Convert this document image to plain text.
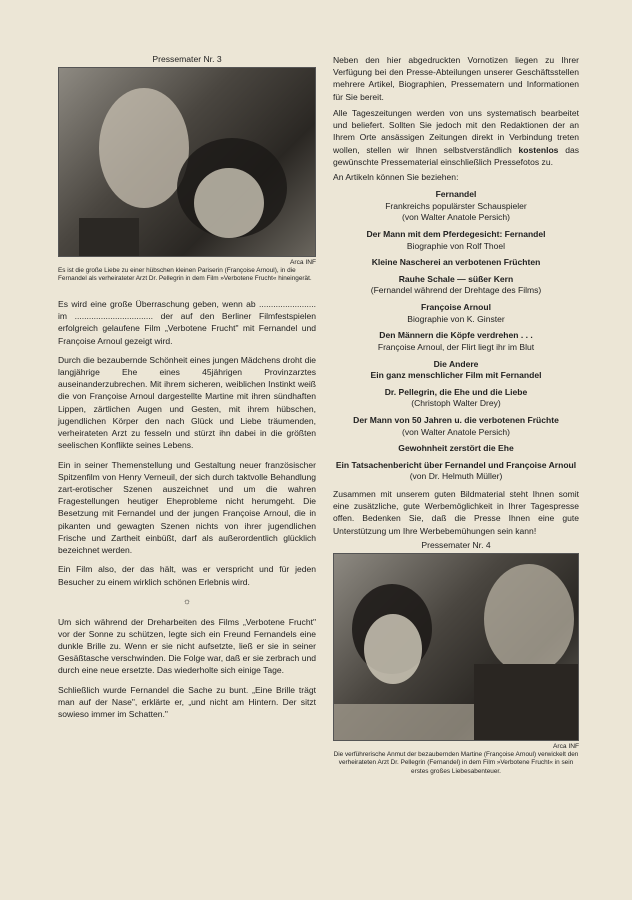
Pressemater Nr. 3
Arca INF
Es ist die große Liebe zu einer hübschen kleinen Pariserin (Françoise Arnoul), in die Fernandel als verheirateter Arzt Dr. Pellegrin in dem Film »Verbotene Frucht« hineingerät.

Es wird eine große Überraschung geben, wenn ab ........................ im ................................. der auf den Berliner Filmfestspielen erfolgreich gelaufene Film „Verbotene Frucht" mit Fernandel und Françoise Arnoul gezeigt wird.

Durch die bezaubernde Schönheit eines jungen Mädchens droht die langjährige Ehe eines 45jährigen Provinzarztes auseinanderzubrechen. Mit ihrem sicheren, weiblichen Instinkt weiß die von Françoise Arnoul dargestellte Martine mit ihren sündhaften Lippen, zärtlichen Augen und Gesten, mit ihrem hübschen, jugendlichen Körper den nach Glück und Liebe träumenden, verheirateten Arzt zu fesseln und stürzt ihn dabei in die größten seelischen Konflikte seines Lebens.

Ein in seiner Themenstellung und Gestaltung neuer französischer Spitzenfilm von Henry Verneuil, der sich durch taktvolle Behandlung zart-erotischer Szenen auszeichnet und um die wahren Fragestellungen heutiger Eheprobleme nicht herumgeht. Die Besetzung mit Fernandel und der jungen Françoise Arnoul, die in pikanten und gewagten Szenen nichts von ihrer jugendlichen Frische und Zartheit einbüßt, darf als außerordentlich glücklich bezeichnet werden.

Ein Film also, der das hält, was er verspricht und für jeden Besucher zu einem wirklich schönen Erlebnis wird.

☼

Um sich während der Dreharbeiten des Films „Verbotene Frucht" vor der Sonne zu schützen, legte sich ein Freund Fernandels eine dunkle Brille zu. Wenn er sie nicht aufsetzte, ließ er sie in seiner Gesäßtasche verschwinden. Die Folge war, daß er sie zerbrach und durch eine neue ersetzte. Das wiederholte sich einige Tage.

Schließlich wurde Fernandel die Sache zu bunt. „Eine Brille trägt man auf der Nase", erklärte er, „und nicht am Hintern. Der sitzt sowieso immer im Schatten."

Neben den hier abgedruckten Vornotizen liegen zu Ihrer Verfügung bei den Presse-Abteilungen unserer Geschäftsstellen mehrere Artikel, Biographien, Pressematern und Informationen für Sie bereit.

Alle Tageszeitungen werden von uns systematisch bearbeitet und beliefert. Sollten Sie jedoch mit den Redaktionen der an Ihrem Orte ansässigen Zeitungen direkt in Verbindung treten wollen, stellen wir Ihnen selbstverständlich kostenlos das gewünschte Pressematerial einschließlich Pressefotos zu.

An Artikeln können Sie beziehen:

Fernandel
Frankreichs populärster Schauspieler
(von Walter Anatole Persich)
Der Mann mit dem Pferdegesicht: Fernandel
Biographie von Rolf Thoel
Kleine Nascherei an verbotenen Früchten
Rauhe Schale — süßer Kern
(Fernandel während der Drehtage des Films)
Françoise Arnoul
Biographie von K. Ginster
Den Männern die Köpfe verdrehen . . .
Françoise Arnoul, der Flirt liegt ihr im Blut
Die Andere
Ein ganz menschlicher Film mit Fernandel
Dr. Pellegrin, die Ehe und die Liebe
(Christoph Walter Drey)
Der Mann von 50 Jahren u. die verbotenen Früchte
(von Walter Anatole Persich)
Gewohnheit zerstört die Ehe
Ein Tatsachenbericht über Fernandel und Françoise Arnoul
(von Dr. Helmuth Müller)

Zusammen mit unserem guten Bildmaterial steht Ihnen somit eine zusätzliche, gute Werbemöglichkeit in Ihrer Tagespresse offen. Bedenken Sie, daß die Presse Ihnen eine gute Unterstützung um Ihre Werbebemühungen sein kann!

Pressemater Nr. 4
Arca INF
Die verführerische Anmut der bezaubernden Martine (Françoise Arnoul) verwickelt den verheirateten Arzt Dr. Pellegrin (Fernandel) in dem Film »Verbotene Frucht« in sein erstes großes Liebesabenteuer.
